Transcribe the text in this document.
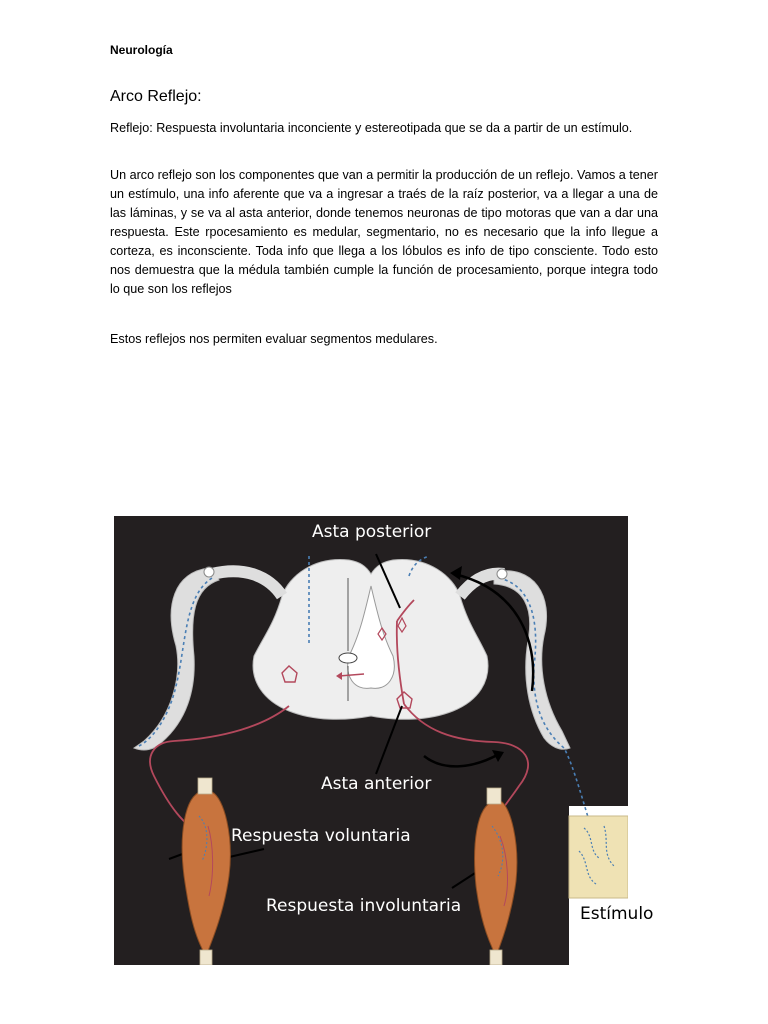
Neurología
Arco Reflejo:

Reflejo: Respuesta involuntaria inconciente y estereotipada que se da a partir de un estímulo.

Un arco reflejo son los componentes que van a permitir la producción de un reflejo. Vamos a tener un estímulo, una info aferente que va a ingresar a traés de la raíz posterior, va a llegar a una de las láminas, y se va al asta anterior, donde tenemos neuronas de tipo motoras que van a dar una respuesta. Este rpocesamiento es medular, segmentario, no es necesario que la info llegue a corteza, es inconsciente. Toda info que llega a los lóbulos es info de tipo consciente. Todo esto nos demuestra que la médula también cumple la función de procesamiento, porque integra todo lo que son los reflejos

Estos reflejos nos permiten evaluar segmentos medulares.

Asta posterior
Asta anterior
Respuesta voluntaria
Respuesta involuntaria	Estímulo
